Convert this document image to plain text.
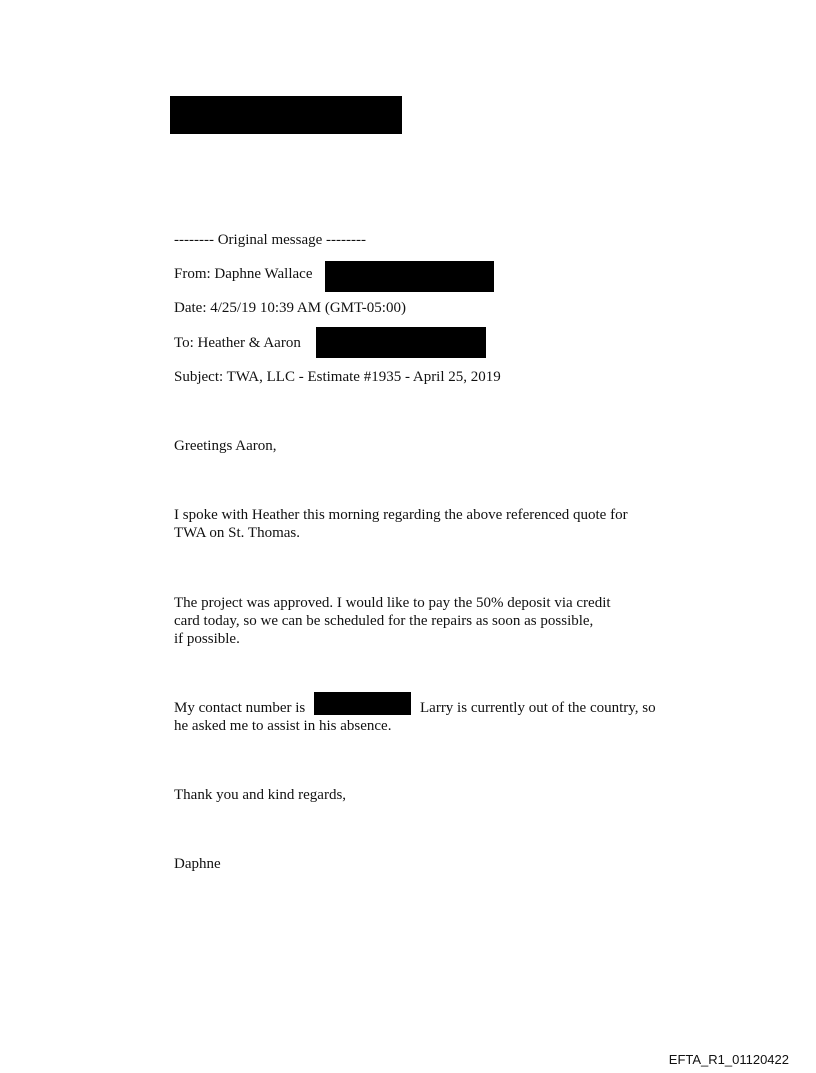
-------- Original message --------
From: Daphne Wallace
Date: 4/25/19 10:39 AM (GMT-05:00)
To: Heather & Aaron
Subject: TWA, LLC - Estimate #1935 - April 25, 2019
Greetings Aaron,
I spoke with Heather this morning regarding the above referenced quote for
TWA on St. Thomas.
The project was approved. I would like to pay the 50% deposit via credit
card today, so we can be scheduled for the repairs as soon as possible,
if possible.
My contact number is	Larry is currently out of the country, so
he asked me to assist in his absence.
Thank you and kind regards,
Daphne
EFTA_R1_01120422
